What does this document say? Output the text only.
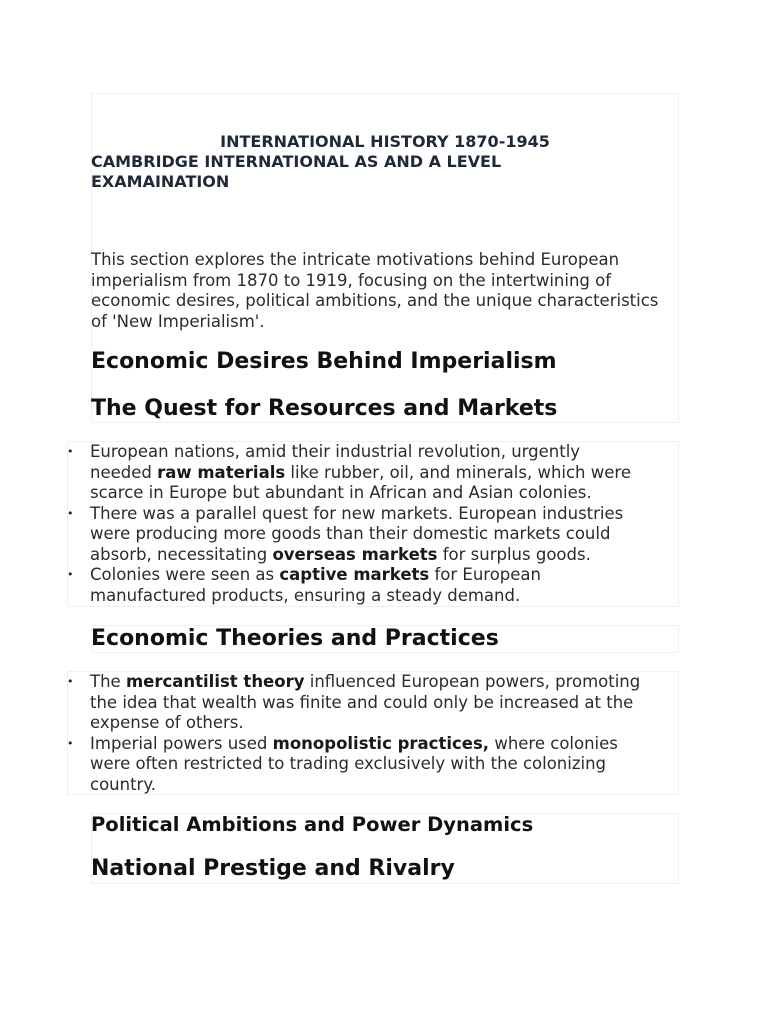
INTERNATIONAL HISTORY 1870-1945

CAMBRIDGE INTERNATIONAL AS AND A LEVEL

EXAMAINATION

This section explores the intricate motivations behind European

imperialism from 1870 to 1919, focusing on the intertwining of

economic desires, political ambitions, and the unique characteristics

of 'New Imperialism'.

Economic Desires Behind Imperialism
The Quest for Resources and Markets
• European nations, amid their industrial revolution, urgently
needed raw materials like rubber, oil, and minerals, which were
scarce in Europe but abundant in African and Asian colonies.
• There was a parallel quest for new markets. European industries
were producing more goods than their domestic markets could
absorb, necessitating overseas markets for surplus goods.
• Colonies were seen as captive markets for European
manufactured products, ensuring a steady demand.
Economic Theories and Practices
• The mercantilist theory influenced European powers, promoting
the idea that wealth was finite and could only be increased at the
expense of others.
• Imperial powers used monopolistic practices, where colonies
were often restricted to trading exclusively with the colonizing
country.
Political Ambitions and Power Dynamics
National Prestige and Rivalry
